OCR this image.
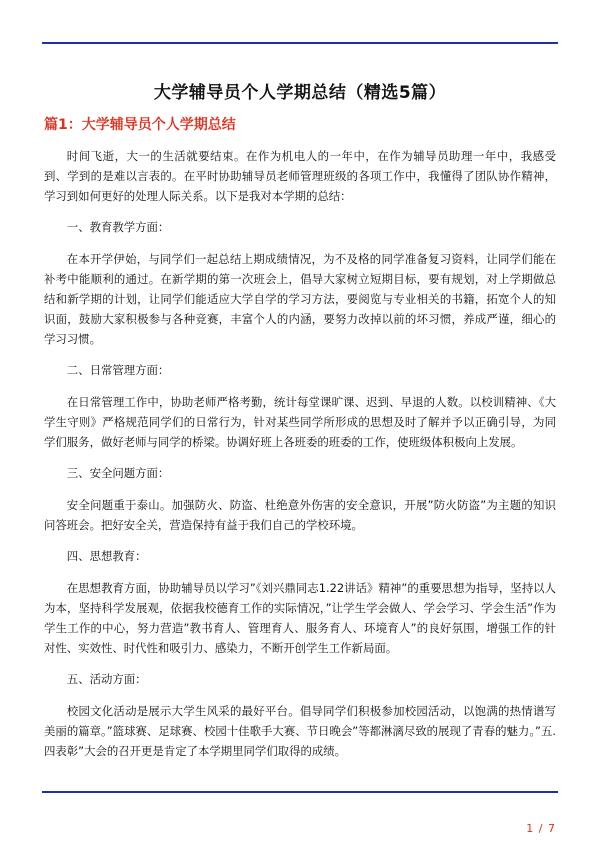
大学辅导员个人学期总结（精选5篇）
篇1：大学辅导员个人学期总结

时间飞逝，大一的生活就要结束。在作为机电人的一年中，在作为辅导员助理一年中，我感受到、学到的是难以言表的。在平时协助辅导员老师管理班级的各项工作中，我懂得了团队协作精神，学习到如何更好的处理人际关系。以下是我对本学期的总结：

一、教育教学方面：

在本开学伊始，与同学们一起总结上期成绩情况，为不及格的同学准备复习资料，让同学们能在补考中能顺利的通过。在新学期的第一次班会上，倡导大家树立短期目标，要有规划，对上学期做总结和新学期的计划，让同学们能适应大学自学的学习方法，要阅览与专业相关的书籍，拓宽个人的知识面，鼓励大家积极参与各种竞赛，丰富个人的内涵，要努力改掉以前的坏习惯，养成严谨，细心的学习习惯。

二、日常管理方面：

在日常管理工作中，协助老师严格考勤，统计每堂课旷课、迟到、早退的人数。以校训精神、《大学生守则》严格规范同学们的日常行为，针对某些同学所形成的思想及时了解并予以正确引导，为同学们服务，做好老师与同学的桥梁。协调好班上各班委的班委的工作，使班级体积极向上发展。

三、安全问题方面：

安全问题重于泰山。加强防火、防盗、杜绝意外伤害的安全意识，开展”防火防盗”为主题的知识问答班会。把好安全关，营造保持有益于我们自己的学校环境。

四、思想教育：

在思想教育方面，协助辅导员以学习”《刘兴鼎同志1.22讲话》精神”的重要思想为指导，坚持以人为本，坚持科学发展观，依据我校德育工作的实际情况，”让学生学会做人、学会学习、学会生活”作为学生工作的中心，努力营造”教书育人、管理育人、服务育人、环境育人”的良好氛围，增强工作的针对性、实效性、时代性和吸引力、感染力，不断开创学生工作新局面。

五、活动方面：

校园文化活动是展示大学生风采的最好平台。倡导同学们积极参加校园活动，以饱满的热情谱写美丽的篇章。”篮球赛、足球赛、校园十佳歌手大赛、节日晚会”等都淋漓尽致的展现了青春的魅力。”五.四表彰”大会的召开更是肯定了本学期里同学们取得的成绩。

1 / 7
